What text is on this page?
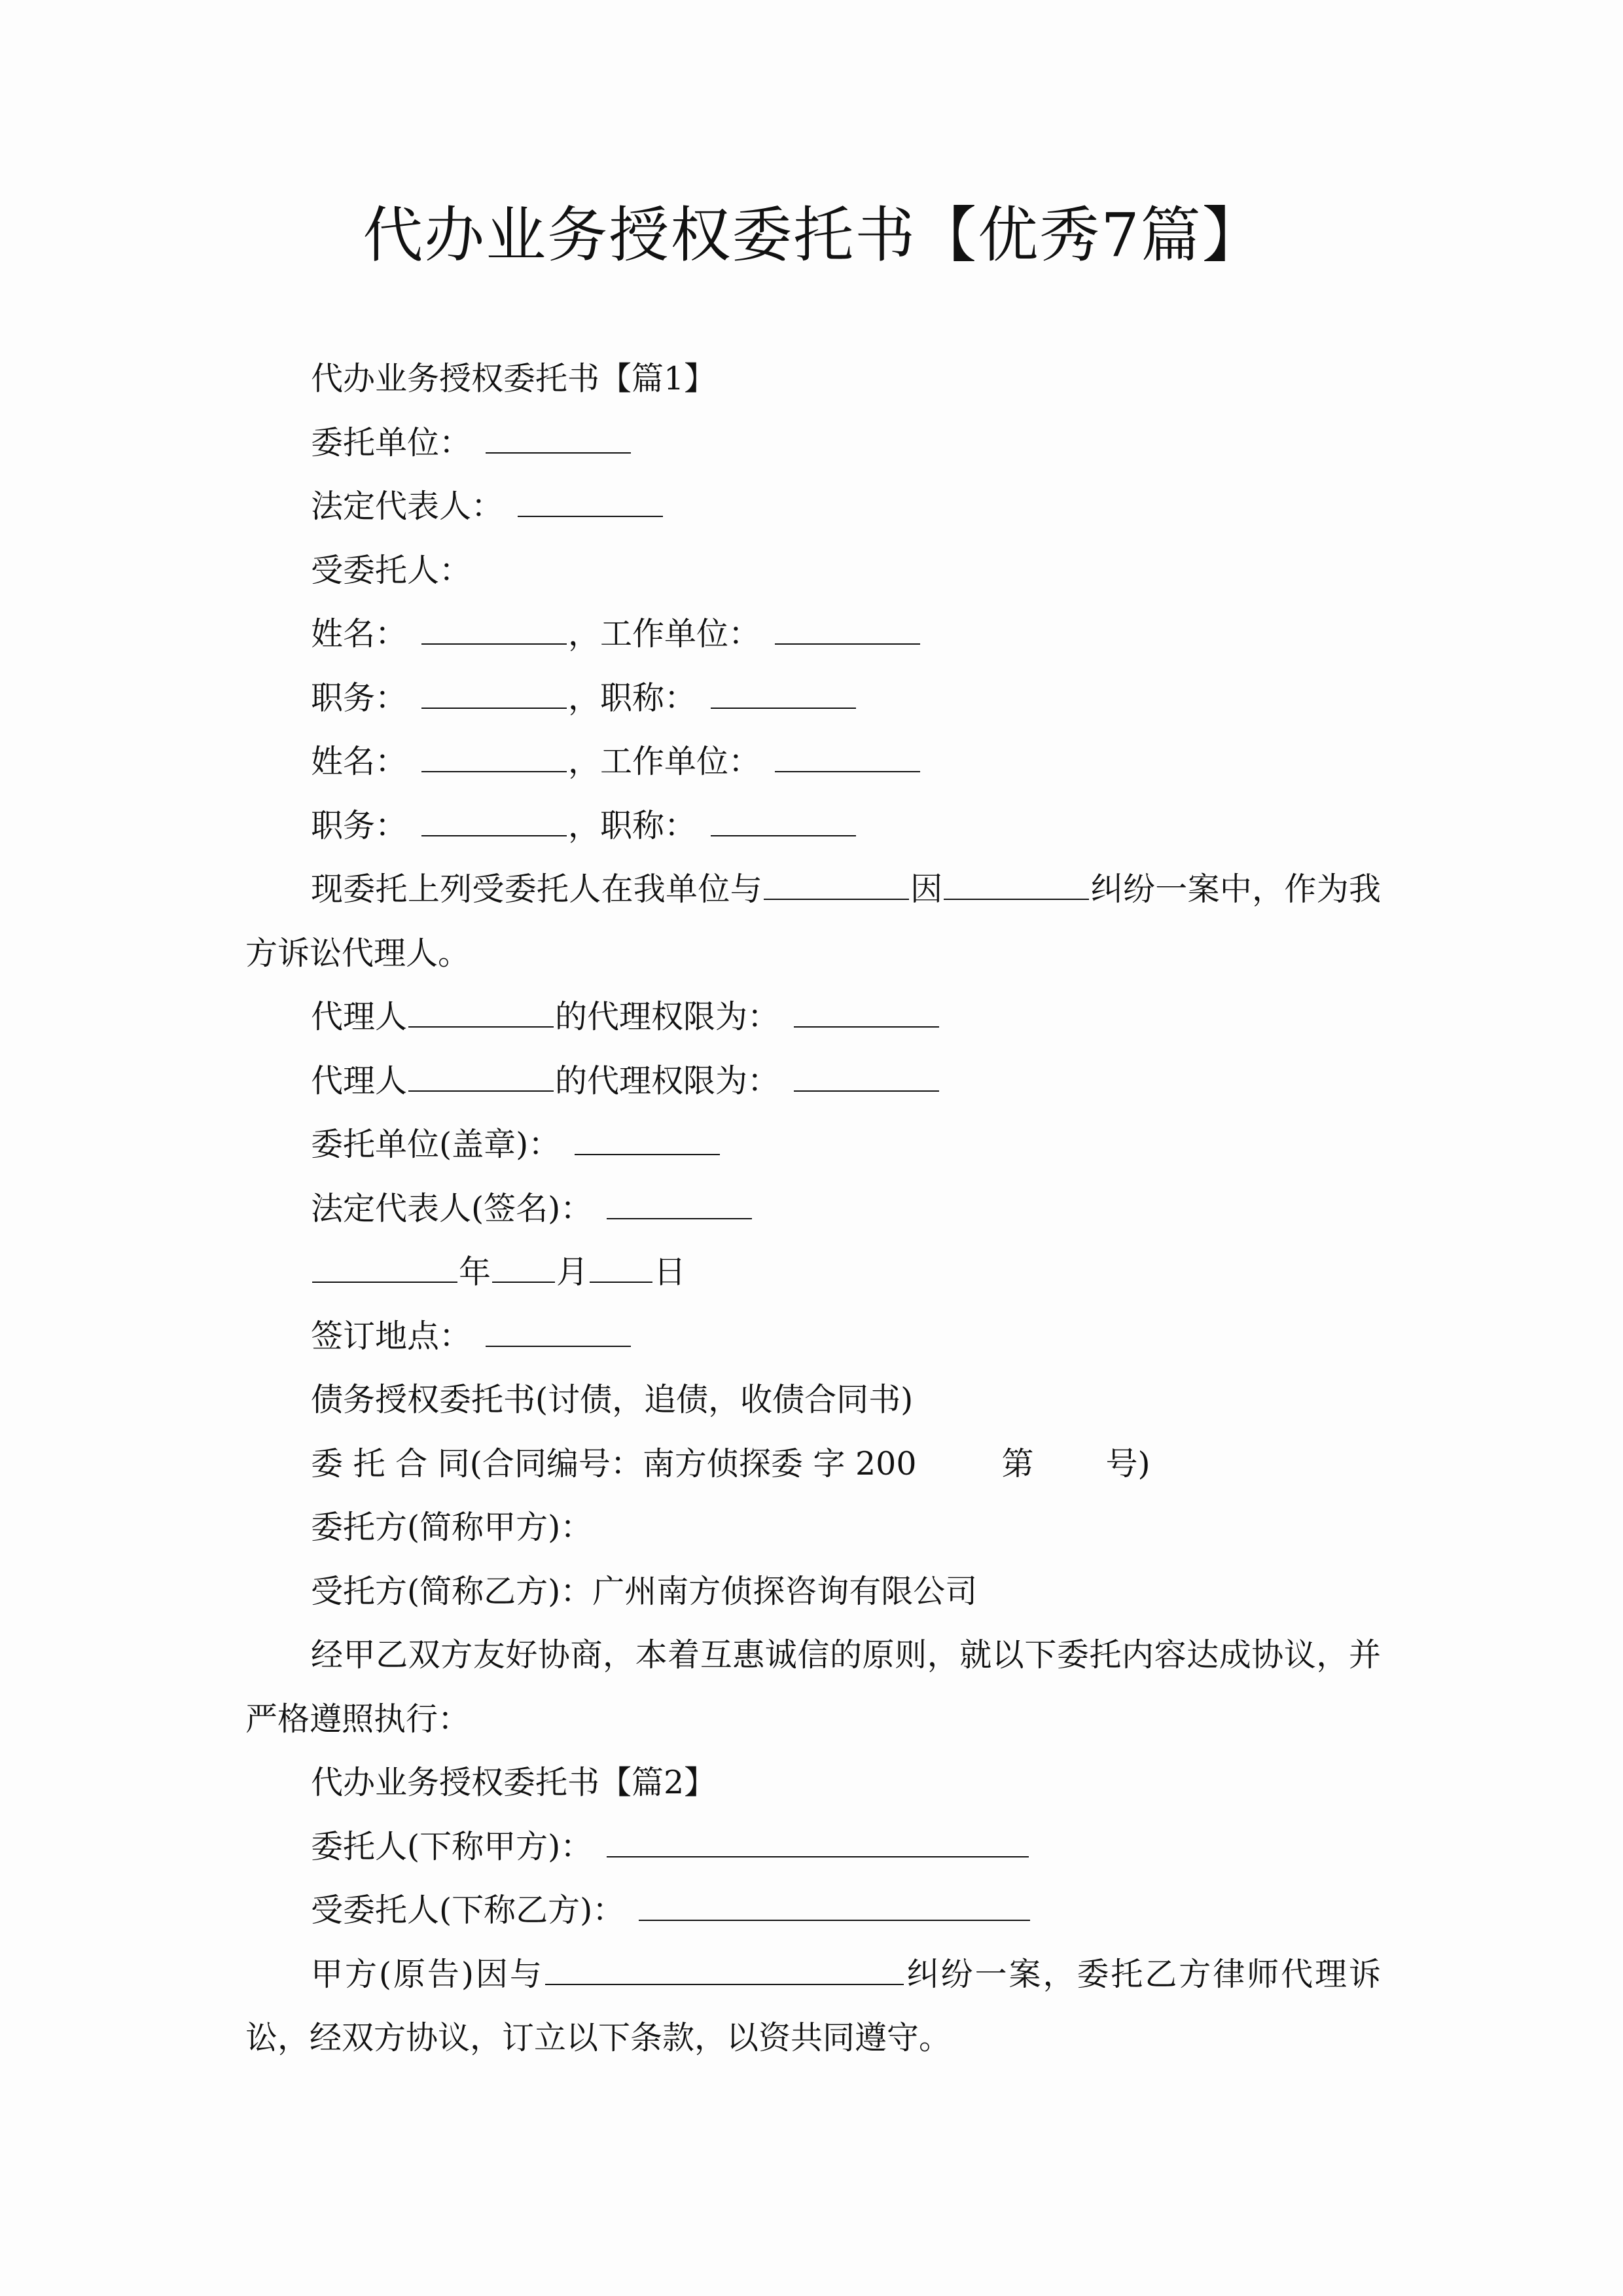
代办业务授权委托书【优秀7篇】

代办业务授权委托书【篇1】

委托单位：

法定代表人：

受委托人：

姓名：	，工作单位：

职务：	，职称：

姓名：	，工作单位：

职务：	，职称：

现委托上列受委托人在我单位与	因	纠纷一案中，作为我方诉讼代理人。

代理人	的代理权限为：

代理人	的代理权限为：

委托单位(盖章)：

法定代表人(签名)：

年 月 日

签订地点：

债务授权委托书(讨债，追债，收债合同书)

委 托 合 同(合同编号：南方侦探委 字 200	第 号)

委托方(简称甲方)：

受托方(简称乙方)：广州南方侦探咨询有限公司

经甲乙双方友好协商，本着互惠诚信的原则，就以下委托内容达成协议，并严格遵照执行：

代办业务授权委托书【篇2】

委托人(下称甲方)：

受委托人(下称乙方)：

甲方(原告)因与	纠纷一案，委托乙方律师代理诉讼，经双方协议，订立以下条款，以资共同遵守。
